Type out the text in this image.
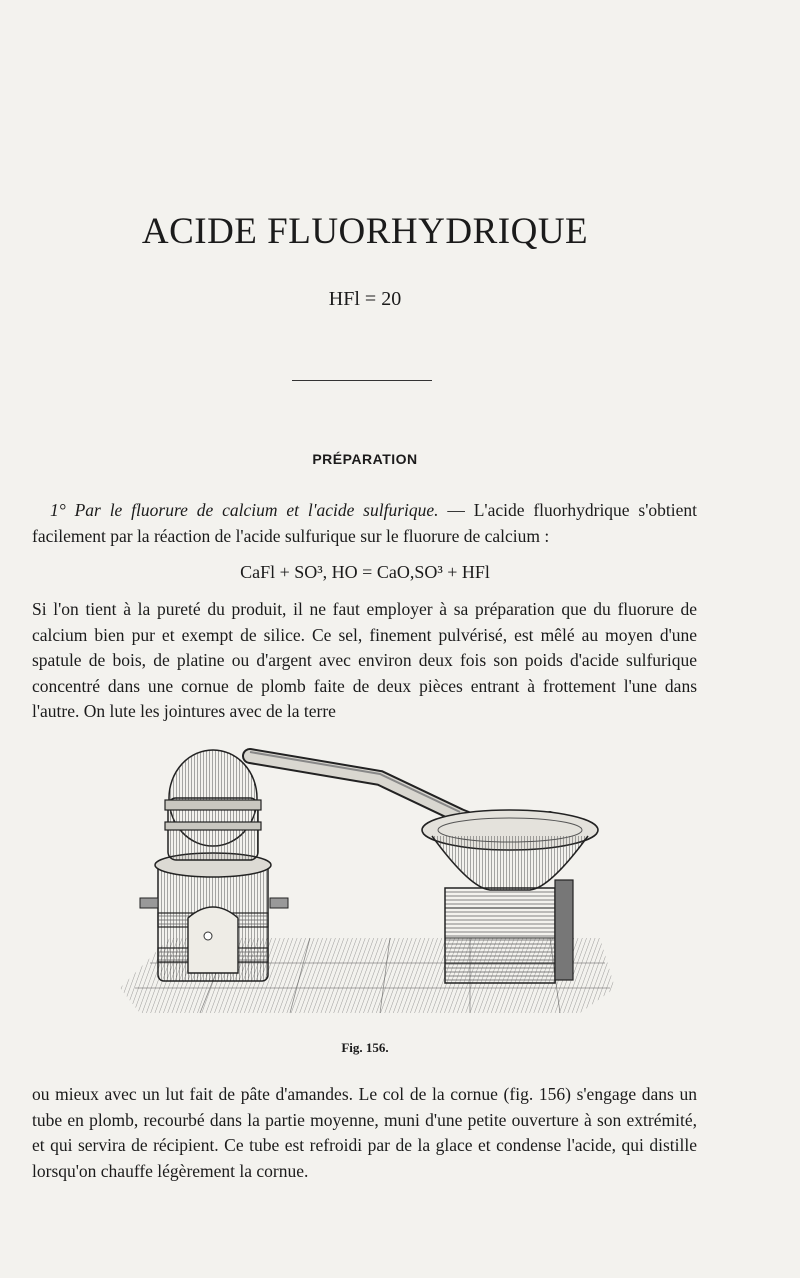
ACIDE FLUORHYDRIQUE
HFl = 20
PRÉPARATION

1° Par le fluorure de calcium et l'acide sulfurique. — L'acide fluorhydrique s'obtient facilement par la réaction de l'acide sulfurique sur le fluorure de calcium :

CaFl + SO³, HO = CaO,SO³ + HFl

Si l'on tient à la pureté du produit, il ne faut employer à sa préparation que du fluorure de calcium bien pur et exempt de silice. Ce sel, finement pulvérisé, est mêlé au moyen d'une spatule de bois, de platine ou d'argent avec environ deux fois son poids d'acide sulfurique concentré dans une cornue de plomb faite de deux pièces entrant à frottement l'une dans l'autre. On lute les jointures avec de la terre

Fig. 156.

ou mieux avec un lut fait de pâte d'amandes. Le col de la cornue (fig. 156) s'engage dans un tube en plomb, recourbé dans la partie moyenne, muni d'une petite ouverture à son extrémité, et qui servira de récipient. Ce tube est refroidi par de la glace et condense l'acide, qui distille lorsqu'on chauffe légèrement la cornue.
